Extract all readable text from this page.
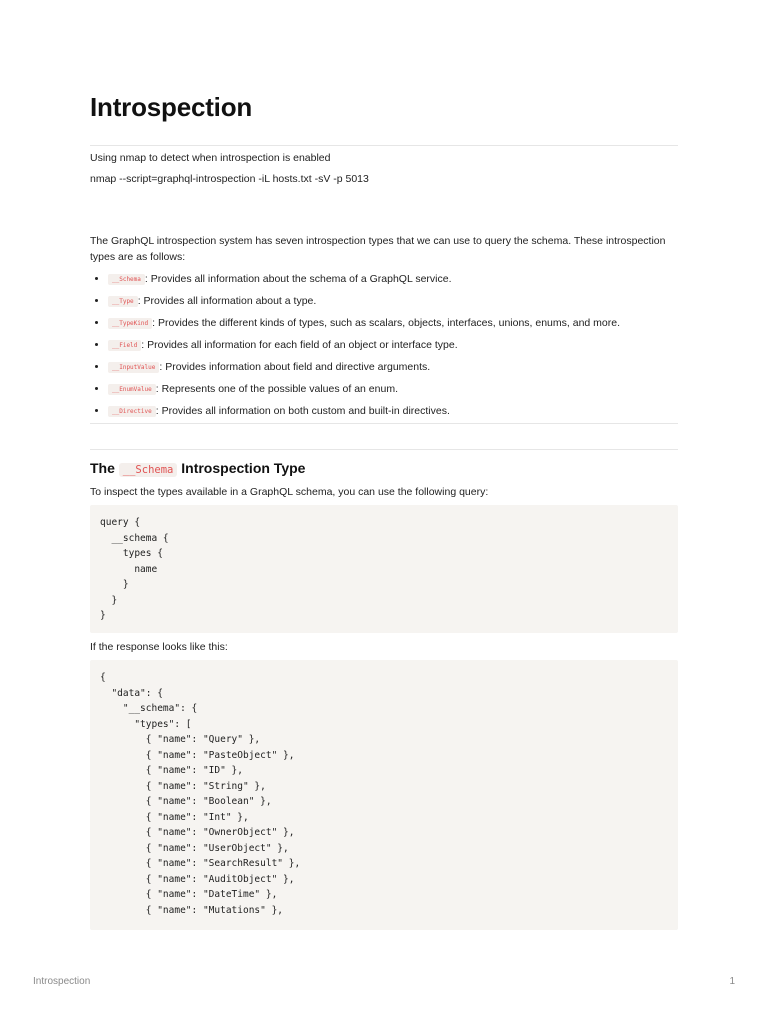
Introspection

Using nmap to detect when introspection is enabled

nmap --script=graphql-introspection -iL hosts.txt -sV -p 5013

The GraphQL introspection system has seven introspection types that we can use to query the schema. These introspection types are as follows:

• __Schema : Provides all information about the schema of a GraphQL service.
• __Type : Provides all information about a type.
• __TypeKind : Provides the different kinds of types, such as scalars, objects, interfaces, unions, enums, and more.
• __Field : Provides all information for each field of an object or interface type.
• __InputValue : Provides information about field and directive arguments.
• __EnumValue : Represents one of the possible values of an enum.
• __Directive : Provides all information on both custom and built-in directives.
The __Schema Introspection Type

To inspect the types available in a GraphQL schema, you can use the following query:

query {
__schema {
types {
name
}
}
}

If the response looks like this:

{
"data": {
"__schema": {
"types": [
{ "name": "Query" },
{ "name": "PasteObject" },
{ "name": "ID" },
{ "name": "String" },
{ "name": "Boolean" },
{ "name": "Int" },
{ "name": "OwnerObject" },
{ "name": "UserObject" },
{ "name": "SearchResult" },
{ "name": "AuditObject" },
{ "name": "DateTime" },
{ "name": "Mutations" },
Introspection	1
